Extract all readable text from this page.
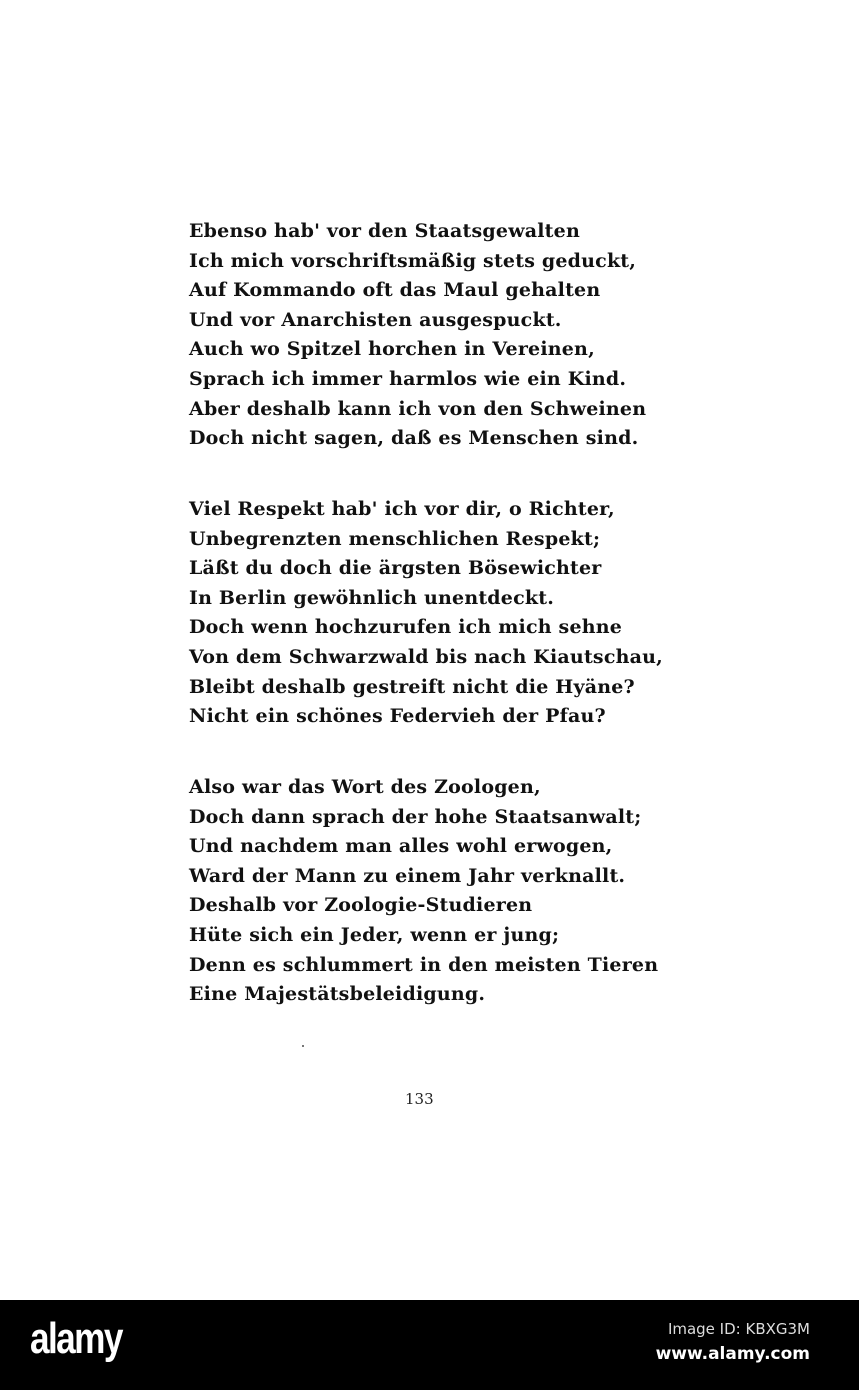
Ebenso hab' vor den Staatsgewalten
Ich mich vorschriftsmäßig stets geduckt,
Auf Kommando oft das Maul gehalten
Und vor Anarchisten ausgespuckt.
Auch wo Spitzel horchen in Vereinen,
Sprach ich immer harmlos wie ein Kind.
Aber deshalb kann ich von den Schweinen
Doch nicht sagen, daß es Menschen sind.
Viel Respekt hab' ich vor dir, o Richter,
Unbegrenzten menschlichen Respekt;
Läßt du doch die ärgsten Bösewichter
In Berlin gewöhnlich unentdeckt.
Doch wenn hochzurufen ich mich sehne
Von dem Schwarzwald bis nach Kiautschau,
Bleibt deshalb gestreift nicht die Hyäne?
Nicht ein schönes Federvieh der Pfau?
Also war das Wort des Zoologen,
Doch dann sprach der hohe Staatsanwalt;
Und nachdem man alles wohl erwogen,
Ward der Mann zu einem Jahr verknallt.
Deshalb vor Zoologie-Studieren
Hüte sich ein Jeder, wenn er jung;
Denn es schlummert in den meisten Tieren
Eine Majestätsbeleidigung.
133
alamy	Image ID: KBXG3M
www.alamy.com
